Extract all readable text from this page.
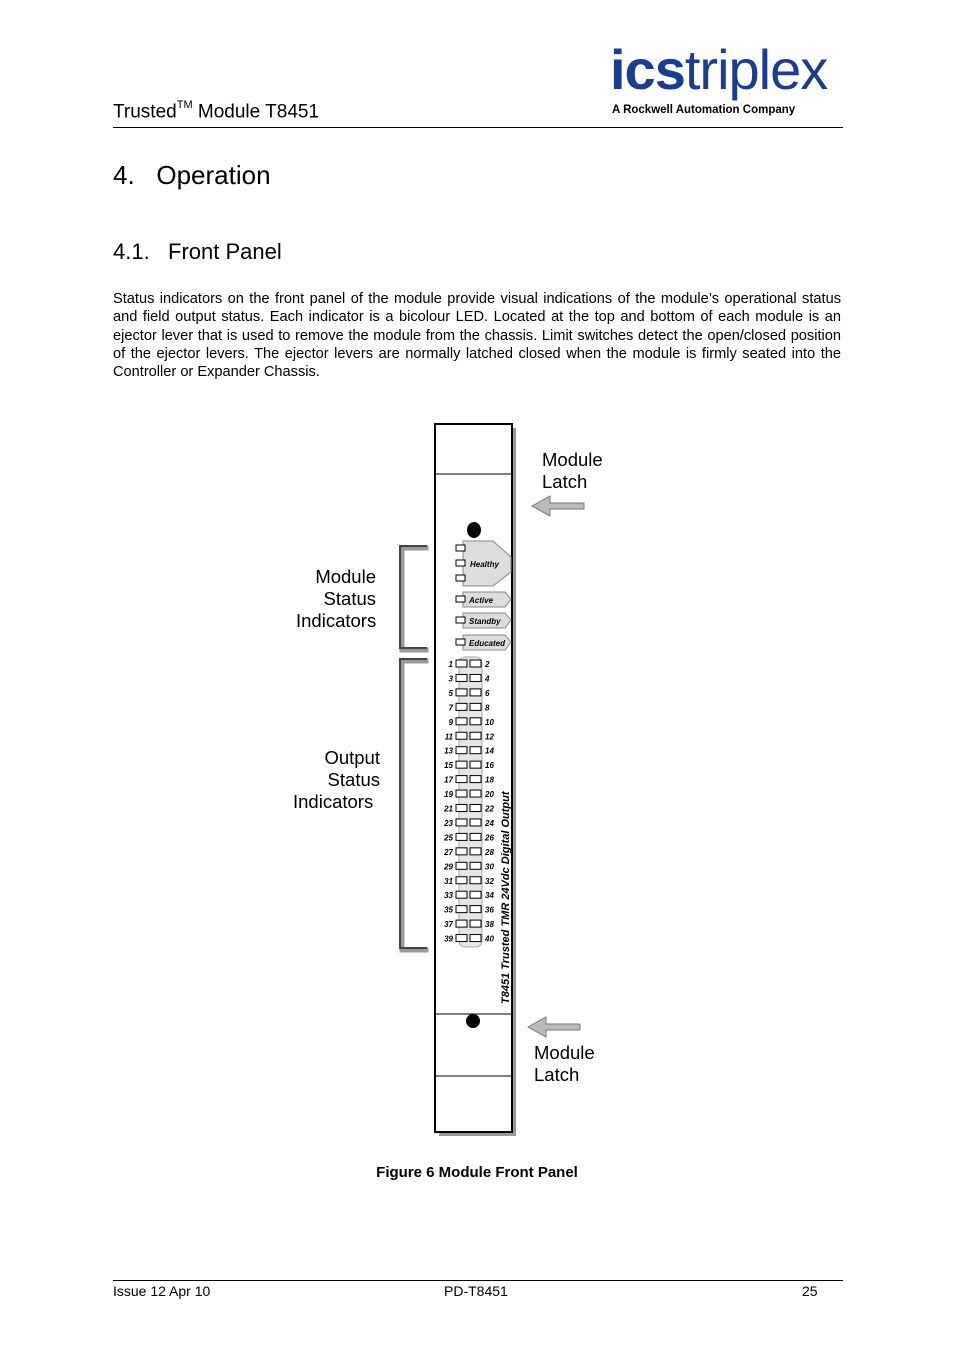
Trusted™ Module T8451
icstriplex
A Rockwell Automation Company
4.   Operation
4.1.   Front Panel
Status indicators on the front panel of the module provide visual indications of the module’s operational status and field output status. Each indicator is a bicolour LED. Located at the top and bottom of each module is an ejector lever that is used to remove the module from the chassis. Limit switches detect the open/closed position of the ejector levers. The ejector levers are normally latched closed when the module is firmly seated into the Controller or Expander Chassis.
Healthy
Active
Standby
Educated
1	2
3	4
5	6
7	8
9	10
11	12
13	14
15	16
17	18
19	20
21	22
23	24
25	26
27	28
29	30
31	32
33	34
35	36
37	38
39	40 T8451 Trusted TMR 24Vdc Digital Output
Module
Latch
Module
Status
Indicators
Output
Status
Indicators
Module
Latch
Figure 6 Module Front Panel
Issue 12 Apr 10	PD-T8451	25
